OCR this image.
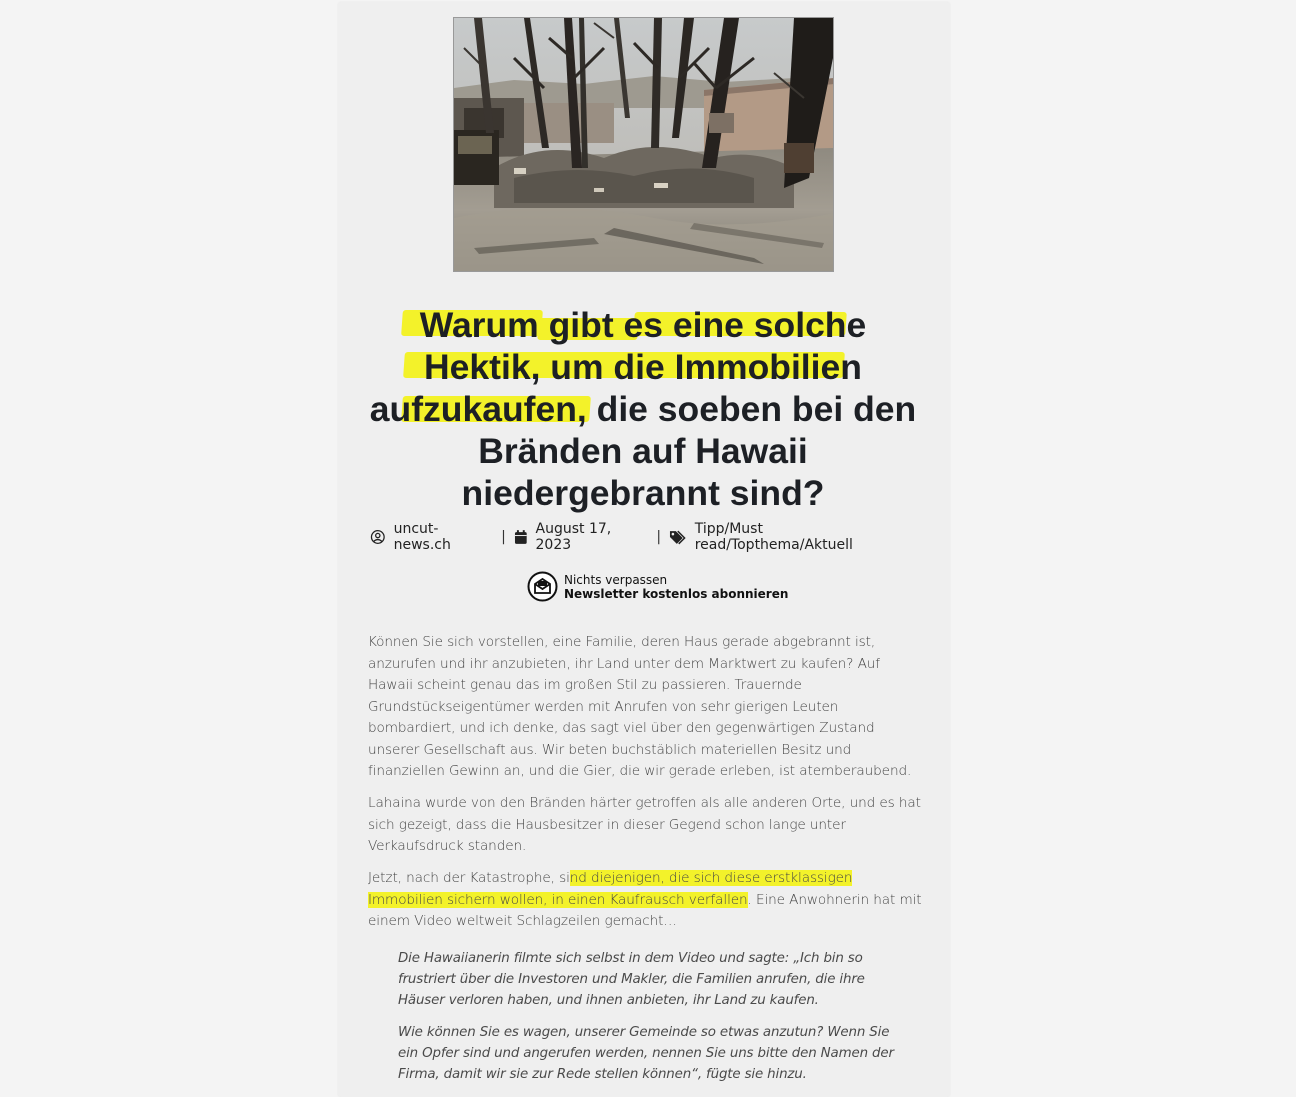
Warum gibt es eine solche Hektik, um die Immobilien aufzukaufen, die soeben bei den Bränden auf Hawaii niedergebrannt sind?
uncut-news.ch	| August 17, 2023	| Tipp/Must read/Topthema/Aktuell
Nichts verpassen
Newsletter kostenlos abonnieren

Können Sie sich vorstellen, eine Familie, deren Haus gerade abgebrannt ist, anzurufen und ihr anzubieten, ihr Land unter dem Marktwert zu kaufen? Auf Hawaii scheint genau das im großen Stil zu passieren. Trauernde Grundstückseigentümer werden mit Anrufen von sehr gierigen Leuten bombardiert, und ich denke, das sagt viel über den gegenwärtigen Zustand unserer Gesellschaft aus. Wir beten buchstäblich materiellen Besitz und finanziellen Gewinn an, und die Gier, die wir gerade erleben, ist atemberaubend.

Lahaina wurde von den Bränden härter getroffen als alle anderen Orte, und es hat sich gezeigt, dass die Hausbesitzer in dieser Gegend schon lange unter Verkaufsdruck standen.

Jetzt, nach der Katastrophe, sind diejenigen, die sich diese erstklassigen Immobilien sichern wollen, in einen Kaufrausch verfallen. Eine Anwohnerin hat mit einem Video weltweit Schlagzeilen gemacht…

Die Hawaiianerin filmte sich selbst in dem Video und sagte: „Ich bin so frustriert über die Investoren und Makler, die Familien anrufen, die ihre Häuser verloren haben, und ihnen anbieten, ihr Land zu kaufen.

Wie können Sie es wagen, unserer Gemeinde so etwas anzutun? Wenn Sie ein Opfer sind und angerufen werden, nennen Sie uns bitte den Namen der Firma, damit wir sie zur Rede stellen können“, fügte sie hinzu.
